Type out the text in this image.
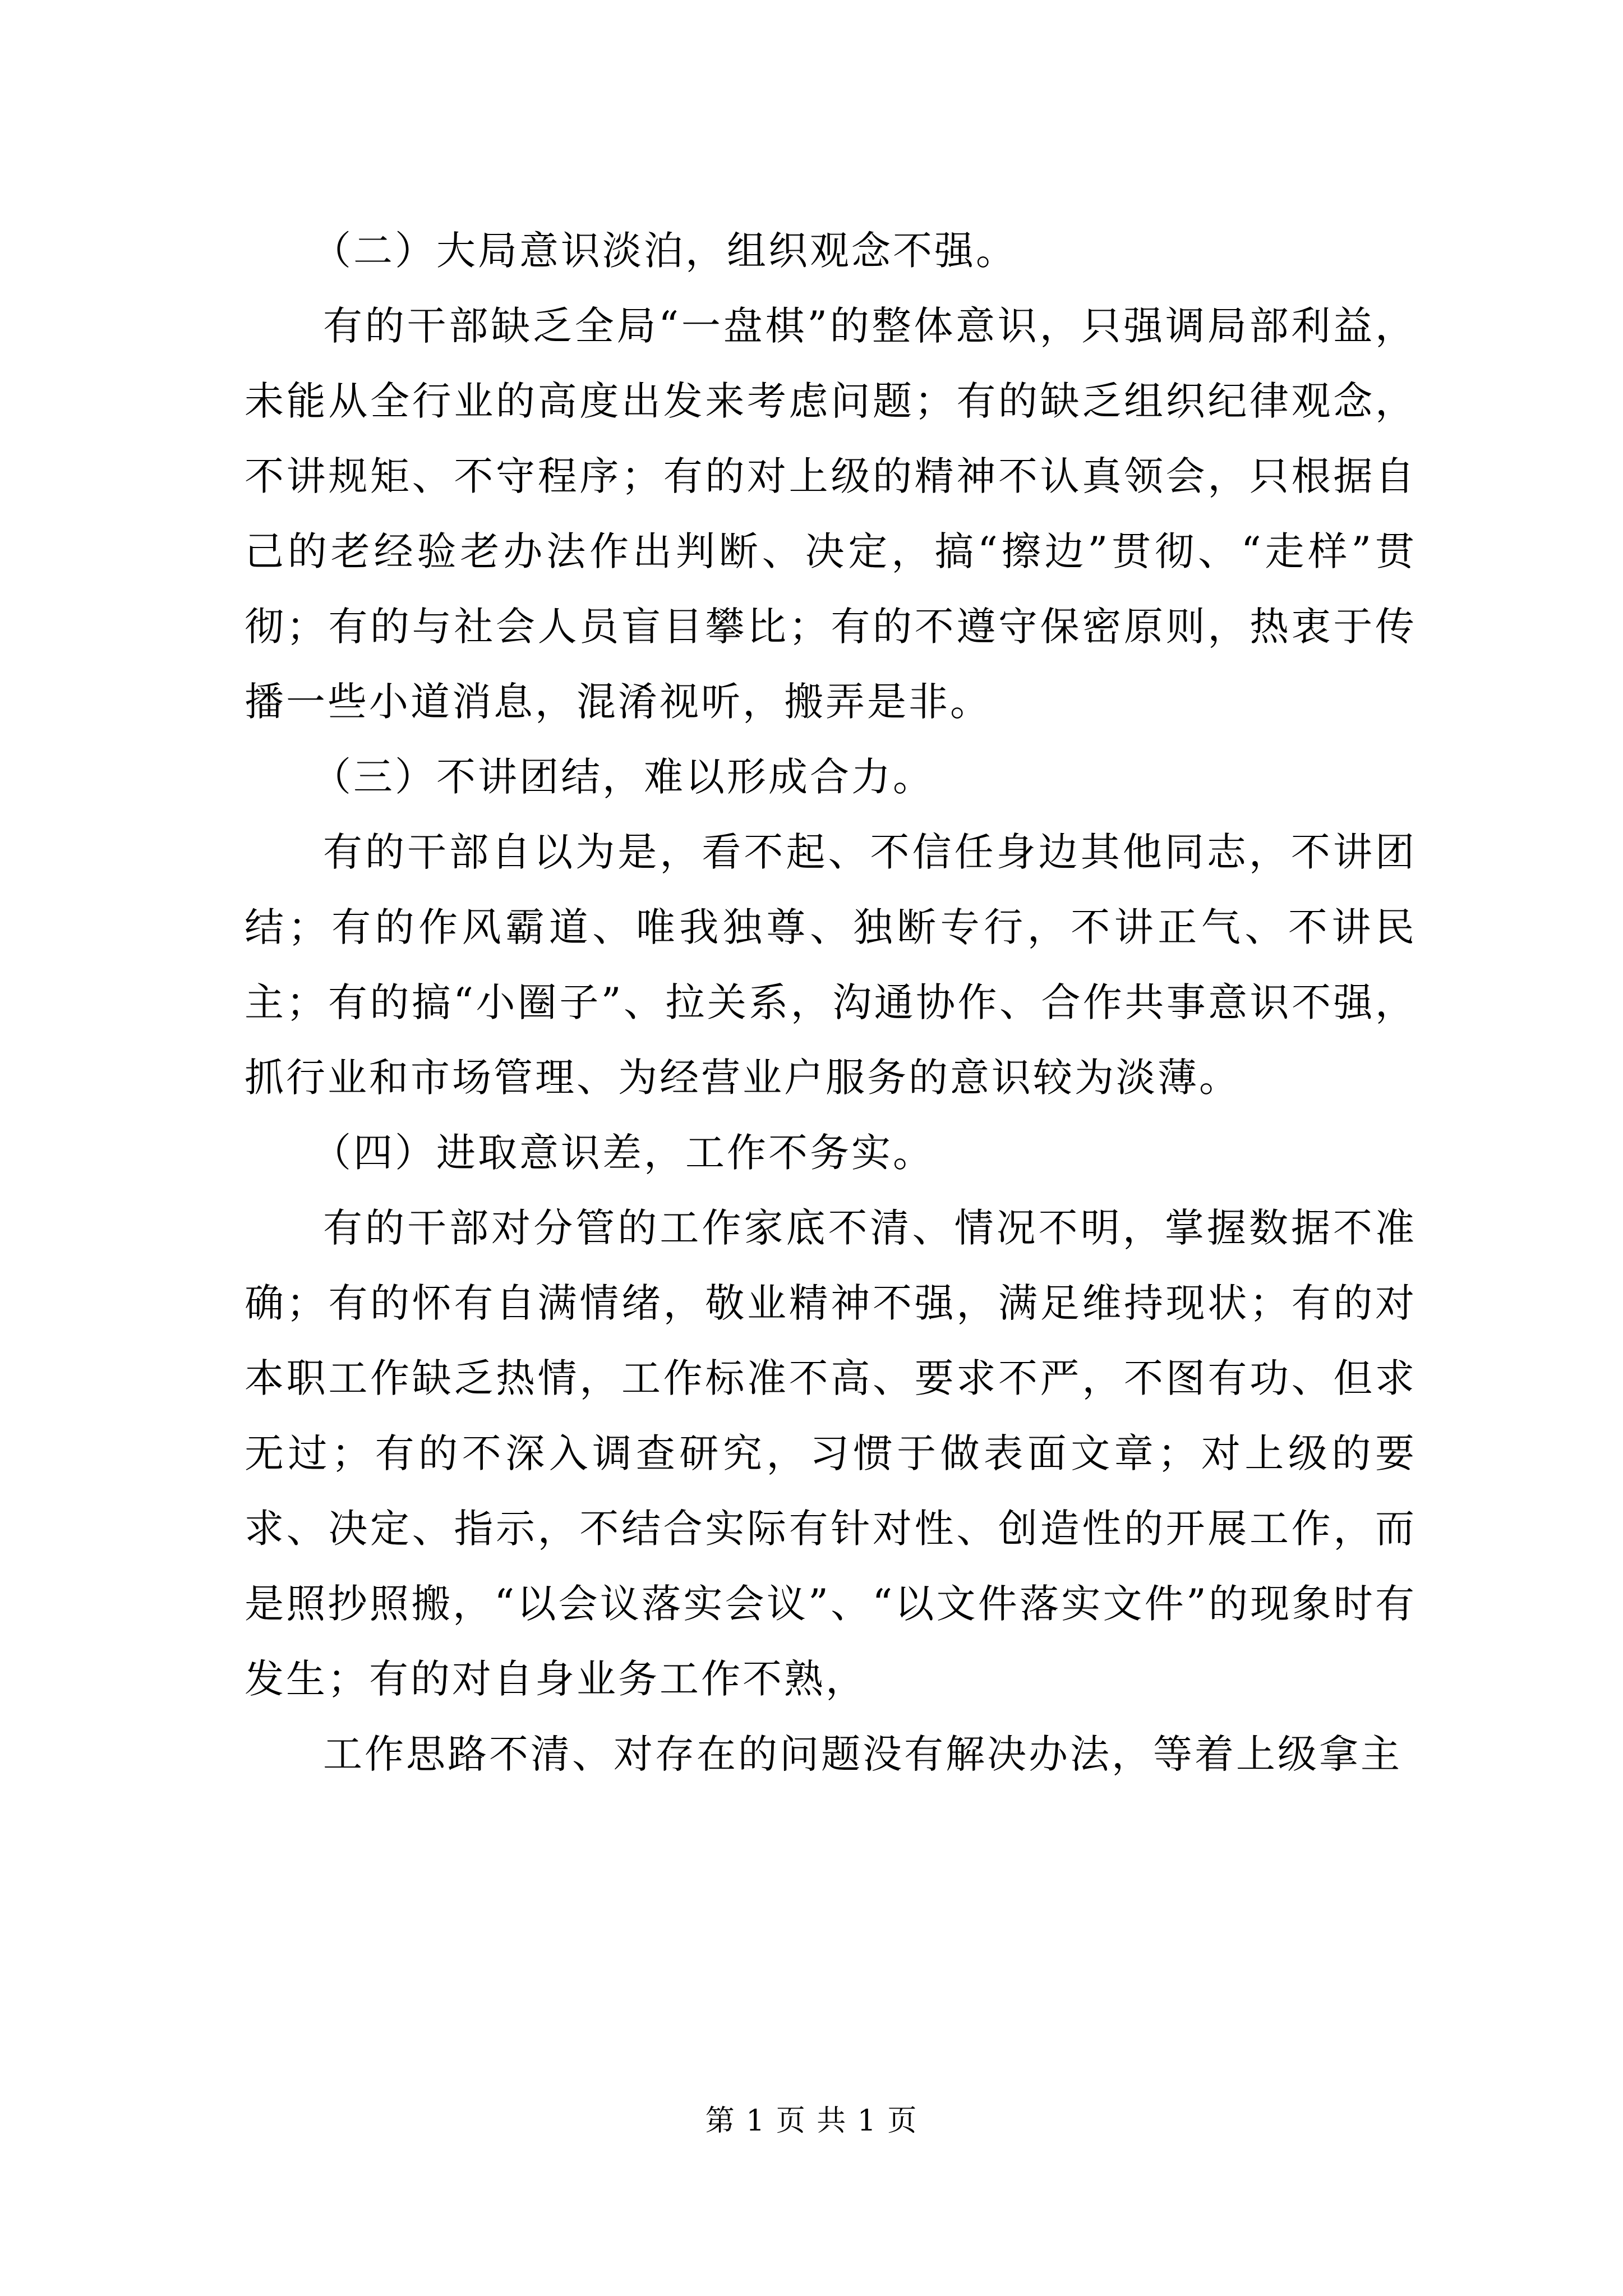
（二）大局意识淡泊，组织观念不强。

有的干部缺乏全局“一盘棋”的整体意识，只强调局部利益，未能从全行业的高度出发来考虑问题；有的缺乏组织纪律观念，不讲规矩、不守程序；有的对上级的精神不认真领会，只根据自己的老经验老办法作出判断、决定，搞“擦边”贯彻、“走样”贯彻；有的与社会人员盲目攀比；有的不遵守保密原则，热衷于传播一些小道消息，混淆视听，搬弄是非。

（三）不讲团结，难以形成合力。

有的干部自以为是，看不起、不信任身边其他同志，不讲团结；有的作风霸道、唯我独尊、独断专行，不讲正气、不讲民主；有的搞“小圈子”、拉关系，沟通协作、合作共事意识不强，抓行业和市场管理、为经营业户服务的意识较为淡薄。

（四）进取意识差，工作不务实。

有的干部对分管的工作家底不清、情况不明，掌握数据不准确；有的怀有自满情绪，敬业精神不强，满足维持现状；有的对本职工作缺乏热情，工作标准不高、要求不严，不图有功、但求无过；有的不深入调查研究，习惯于做表面文章；对上级的要求、决定、指示，不结合实际有针对性、创造性的开展工作，而是照抄照搬，“以会议落实会议”、“以文件落实文件”的现象时有发生；有的对自身业务工作不熟，

工作思路不清、对存在的问题没有解决办法，等着上级拿主

第 1 页 共 1 页
